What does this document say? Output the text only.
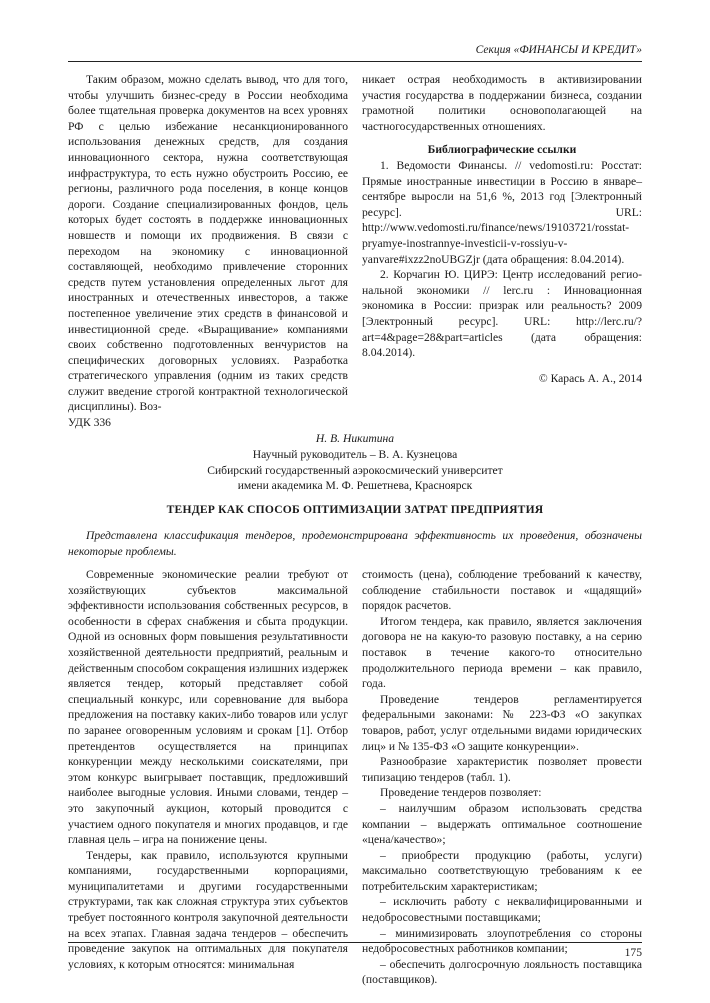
Секция «ФИНАНСЫ И КРЕДИТ»

Таким образом, можно сделать вывод, что для того, чтобы улучшить бизнес-среду в России необходима более тщательная проверка документов на всех уровнях РФ с целью избежание несанкционированного использования денежных средств, для создания инновационного сектора, нужна соответствующая инфраструктура, то есть нужно обустроить Россию, ее регионы, различного рода поселения, в конце концов дороги. Создание специализированных фондов, цель которых будет состоять в поддержке инновационных новшеств и помощи их продвижения. В связи с переходом на экономику с инновационной составляющей, необходимо привлечение сторонних средств путем установления определенных льгот для иностранных и отечественных инвесторов, а также постепенное увеличение этих средств в финансовой и инвестиционной среде. «Выращивание» компаниями своих собственно подготовленных венчуристов на специфических договорных условиях. Разработка стратегического управления (одним из таких средств служит введение строгой контрактной технологической дисциплины). Воз-

никает острая необходимость в активизировании участия государства в поддержании бизнеса, создании грамотной политики основополагающей на частногосударственных отношениях.

Библиографические ссылки

1. Ведомости Финансы. // vedomosti.ru: Росстат: Прямые иностранные инвестиции в Россию в январе–сентябре выросли на 51,6 %, 2013 год [Электронный ресурс]. URL: http://www.vedomosti.ru/finance/news/19103721/rosstat-pryamye-inostrannye-investicii-v-rossiyu-v-yanvare#ixzz2noUBGZjr (дата обращения: 8.04.2014).

2. Корчагин Ю. ЦИРЭ: Центр исследований региональной экономики // lerc.ru : Инновационная экономика в России: призрак или реальность? 2009 [Электронный ресурс]. URL: http://lerc.ru/?art=4&page=28&part=articles (дата обращения: 8.04.2014).

© Карась А. А., 2014

УДК 336
Н. В. Никитина
Научный руководитель – В. А. Кузнецова
Сибирский государственный аэрокосмический университет
имени академика М. Ф. Решетнева, Красноярск
ТЕНДЕР КАК СПОСОБ ОПТИМИЗАЦИИ ЗАТРАТ ПРЕДПРИЯТИЯ
Представлена классификация тендеров, продемонстрирована эффективность их проведения, обозначены некоторые проблемы.

Современные экономические реалии требуют от хозяйствующих субъектов максимальной эффективности использования собственных ресурсов, в особенности в сферах снабжения и сбыта продукции. Одной из основных форм повышения результативности хозяйственной деятельности предприятий, реальным и действенным способом сокращения излишних издержек является тендер, который представляет собой специальный конкурс, или соревнование для выбора предложения на поставку каких-либо товаров или услуг по заранее оговоренным условиям и срокам [1]. Отбор претендентов осуществляется на принципах конкуренции между несколькими соискателями, при этом конкурс выигрывает поставщик, предложивший наиболее выгодные условия. Иными словами, тендер – это закупочный аукцион, который проводится с участием одного покупателя и многих продавцов, и где главная цель – игра на понижение цены.

Тендеры, как правило, используются крупными компаниями, государственными корпорациями, муниципалитетами и другими государственными структурами, так как сложная структура этих субъектов требует постоянного контроля закупочной деятельности на всех этапах. Главная задача тендеров – обеспечить проведение закупок на оптимальных для покупателя условиях, к которым относятся: минимальная

стоимость (цена), соблюдение требований к качеству, соблюдение стабильности поставок и «щадящий» порядок расчетов.

Итогом тендера, как правило, является заключения договора не на какую-то разовую поставку, а на серию поставок в течение какого-то относительно продолжительного периода времени – как правило, года.

Проведение тендеров регламентируется федеральными законами: № 223-ФЗ «О закупках товаров, работ, услуг отдельными видами юридических лиц» и № 135-ФЗ «О защите конкуренции».

Разнообразие характеристик позволяет провести типизацию тендеров (табл. 1).

Проведение тендеров позволяет:

– наилучшим образом использовать средства компании – выдержать оптимальное соотношение «цена/качество»;

– приобрести продукцию (работы, услуги) максимально соответствующую требованиям к ее потребительским характеристикам;

– исключить работу с неквалифицированными и недобросовестными поставщиками;

– минимизировать злоупотребления со стороны недобросовестных работников компании;

– обеспечить долгосрочную лояльность поставщика (поставщиков).

175
